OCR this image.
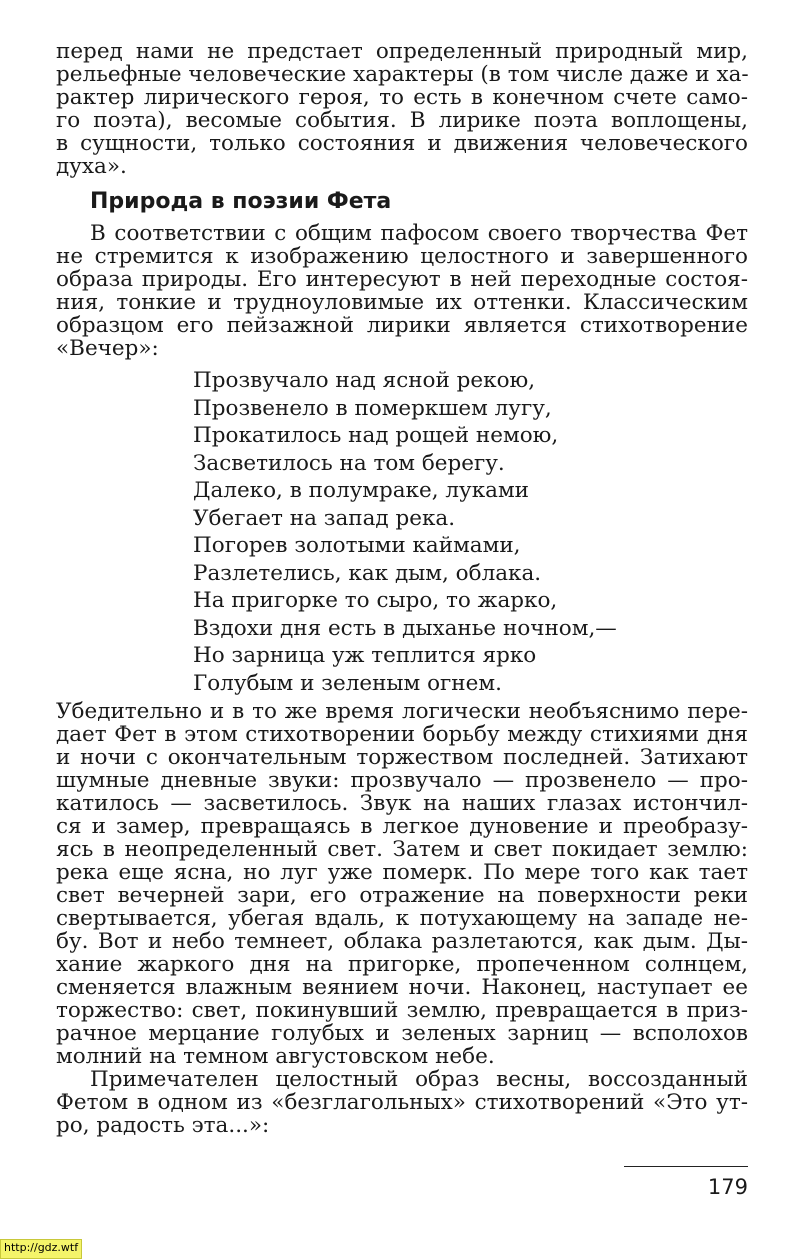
перед нами не предстает определенный природный мир,
рельефные человеческие характеры (в том числе даже и ха-
рактер лирического героя, то есть в конечном счете само-
го поэта), весомые события. В лирике поэта воплощены,
в сущности, только состояния и движения человеческого
духа».
Природа в поэзии Фета
В соответствии с общим пафосом своего творчества Фет
не стремится к изображению целостного и завершенного
образа природы. Его интересуют в ней переходные состоя-
ния, тонкие и трудноуловимые их оттенки. Классическим
образцом его пейзажной лирики является стихотворение
«Вечер»:
Прозвучало над ясной рекою,
Прозвенело в померкшем лугу,
Прокатилось над рощей немою,
Засветилось на том берегу.
Далеко, в полумраке, луками
Убегает на запад река.
Погорев золотыми каймами,
Разлетелись, как дым, облака.
На пригорке то сыро, то жарко,
Вздохи дня есть в дыханье ночном,—
Но зарница уж теплится ярко
Голубым и зеленым огнем.
Убедительно и в то же время логически необъяснимо пере-
дает Фет в этом стихотворении борьбу между стихиями дня
и ночи с окончательным торжеством последней. Затихают
шумные дневные звуки: прозвучало — прозвенело — про-
катилось — засветилось. Звук на наших глазах истончил-
ся и замер, превращаясь в легкое дуновение и преобразу-
ясь в неопределенный свет. Затем и свет покидает землю:
река еще ясна, но луг уже померк. По мере того как тает
свет вечерней зари, его отражение на поверхности реки
свертывается, убегая вдаль, к потухающему на западе не-
бу. Вот и небо темнеет, облака разлетаются, как дым. Ды-
хание жаркого дня на пригорке, пропеченном солнцем,
сменяется влажным веянием ночи. Наконец, наступает ее
торжество: свет, покинувший землю, превращается в приз-
рачное мерцание голубых и зеленых зарниц — всполохов
молний на темном августовском небе.
Примечателен целостный образ весны, воссозданный
Фетом в одном из «безглагольных» стихотворений «Это ут-
ро, радость эта...»:
179
http://gdz.wtf
